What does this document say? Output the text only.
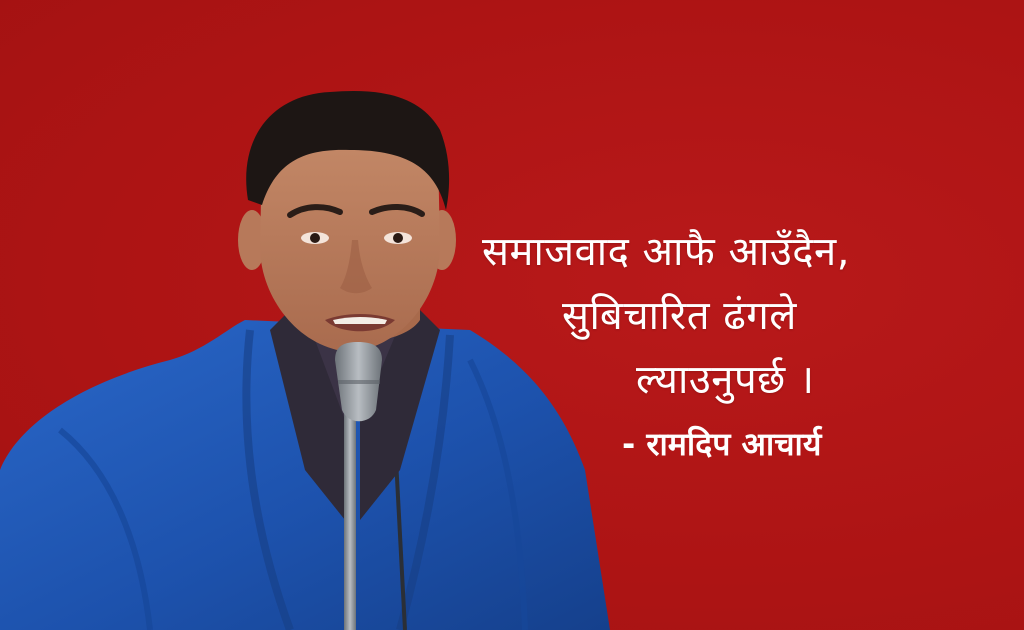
समाजवाद आफै आउँदैन,
सुबिचारित ढंगले
ल्याउनुपर्छ ।
- रामदिप आचार्य
